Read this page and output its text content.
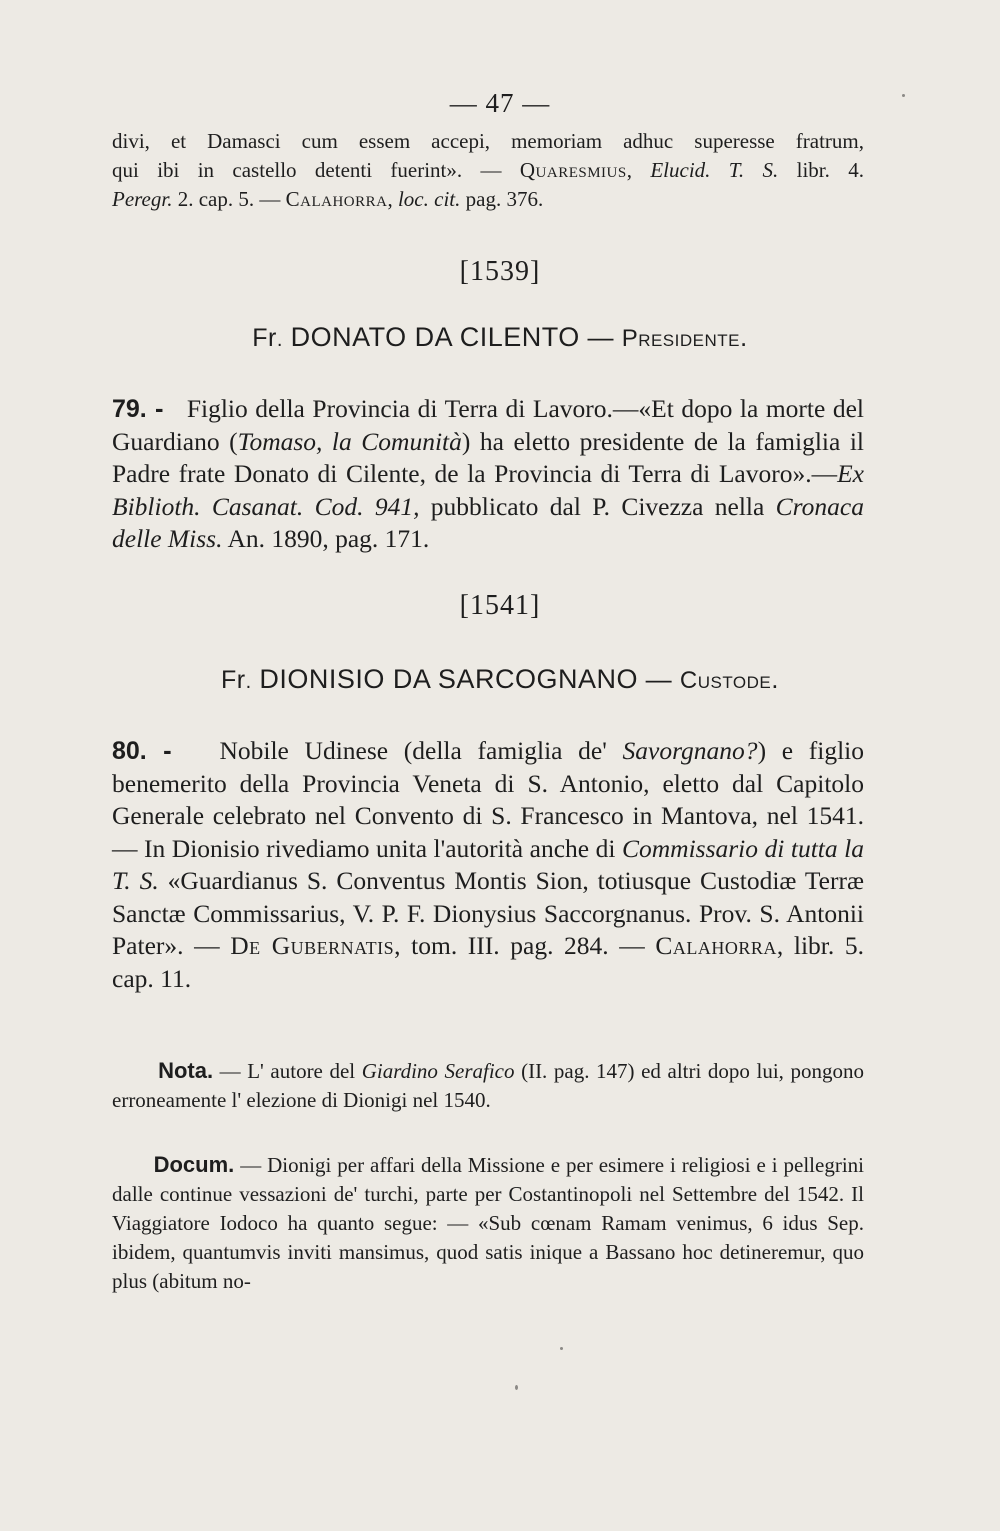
— 47 —
divi, et Damasci cum essem accepi, memoriam adhuc superesse fratrum,
qui ibi in castello detenti fuerint». — Quaresmius, Elucid. T. S. libr. 4.
Peregr. 2. cap. 5. — Calahorra, loc. cit. pag. 376.
[1539]
Fr. DONATO DA CILENTO — Presidente.
79. -   Figlio della Provincia di Terra di Lavoro.—«Et dopo la morte del Guardiano (Tomaso, la Comunità) ha eletto presidente de la famiglia il Padre frate Donato di Cilente, de la Provincia di Terra di Lavoro».—Ex Biblioth. Casanat. Cod. 941, pubblicato dal P. Civezza nella Cronaca delle Miss. An. 1890, pag. 171.
[1541]
Fr. DIONISIO DA SARCOGNANO — Custode.
80. -   Nobile Udinese (della famiglia de' Savorgnano?) e figlio benemerito della Provincia Veneta di S. Antonio, eletto dal Capitolo Generale celebrato nel Convento di S. Francesco in Mantova, nel 1541. — In Dionisio rivediamo unita l'autorità anche di Commissario di tutta la T. S. «Guardianus S. Conventus Montis Sion, totiusque Custodiæ Terræ Sanctæ Commissarius, V. P. F. Dionysius Saccorgnanus. Prov. S. Antonii Pater». — De Gubernatis, tom. III. pag. 284. — Calahorra, libr. 5. cap. 11.
Nota. — L' autore del Giardino Serafico (II. pag. 147) ed altri dopo lui, pongono erroneamente l' elezione di Dionigi nel 1540.
Docum. — Dionigi per affari della Missione e per esimere i religiosi e i pellegrini dalle continue vessazioni de' turchi, parte per Costantinopoli nel Settembre del 1542. Il Viaggiatore Iodoco ha quanto segue: — «Sub cœnam Ramam venimus, 6 idus Sep. ibidem, quantumvis inviti mansimus, quod satis inique a Bassano hoc detineremur, quo plus (abitum no-
